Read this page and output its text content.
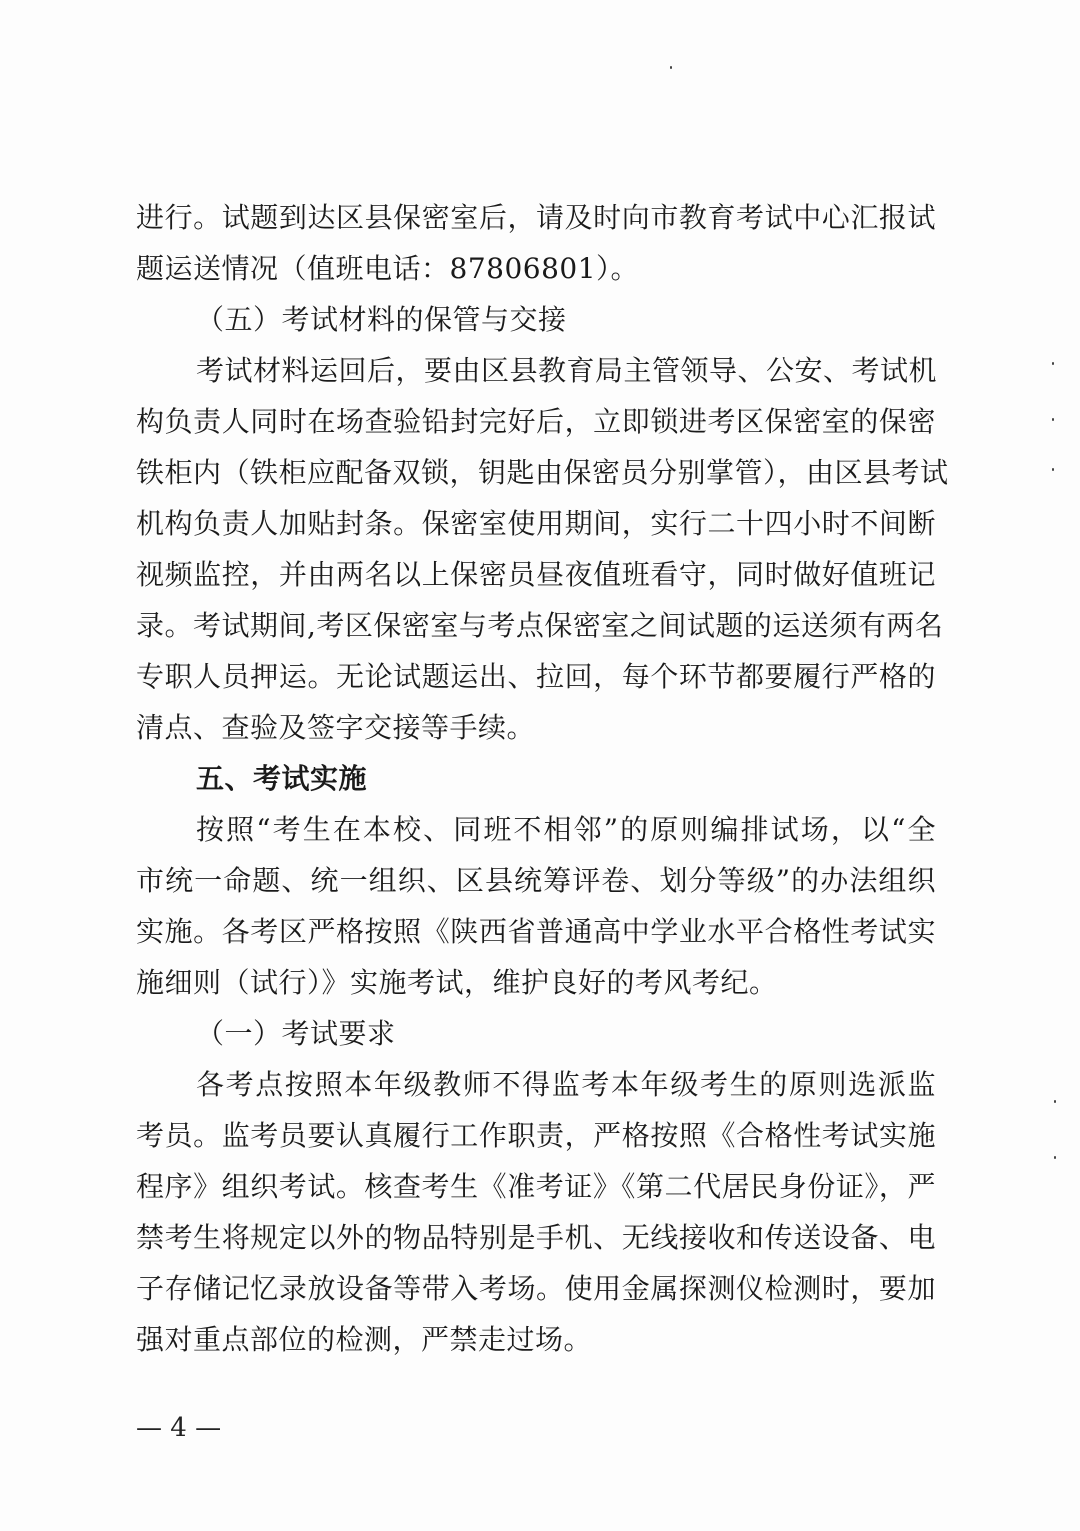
进行。试题到达区县保密室后，请及时向市教育考试中心汇报试
题运送情况（值班电话：87806801）。
（五）考试材料的保管与交接
考试材料运回后，要由区县教育局主管领导、公安、考试机
构负责人同时在场查验铅封完好后，立即锁进考区保密室的保密
铁柜内（铁柜应配备双锁，钥匙由保密员分别掌管），由区县考试
机构负责人加贴封条。保密室使用期间，实行二十四小时不间断
视频监控，并由两名以上保密员昼夜值班看守，同时做好值班记
录。考试期间,考区保密室与考点保密室之间试题的运送须有两名
专职人员押运。无论试题运出、拉回，每个环节都要履行严格的
清点、查验及签字交接等手续。
五、考试实施
按照“考生在本校、同班不相邻”的原则编排试场，以“全
市统一命题、统一组织、区县统筹评卷、划分等级”的办法组织
实施。各考区严格按照《陕西省普通高中学业水平合格性考试实
施细则（试行）》实施考试，维护良好的考风考纪。
（一）考试要求
各考点按照本年级教师不得监考本年级考生的原则选派监
考员。监考员要认真履行工作职责，严格按照《合格性考试实施
程序》组织考试。核查考生《准考证》《第二代居民身份证》，严
禁考生将规定以外的物品特别是手机、无线接收和传送设备、电
子存储记忆录放设备等带入考场。使用金属探测仪检测时，要加
强对重点部位的检测，严禁走过场。
— 4 —
